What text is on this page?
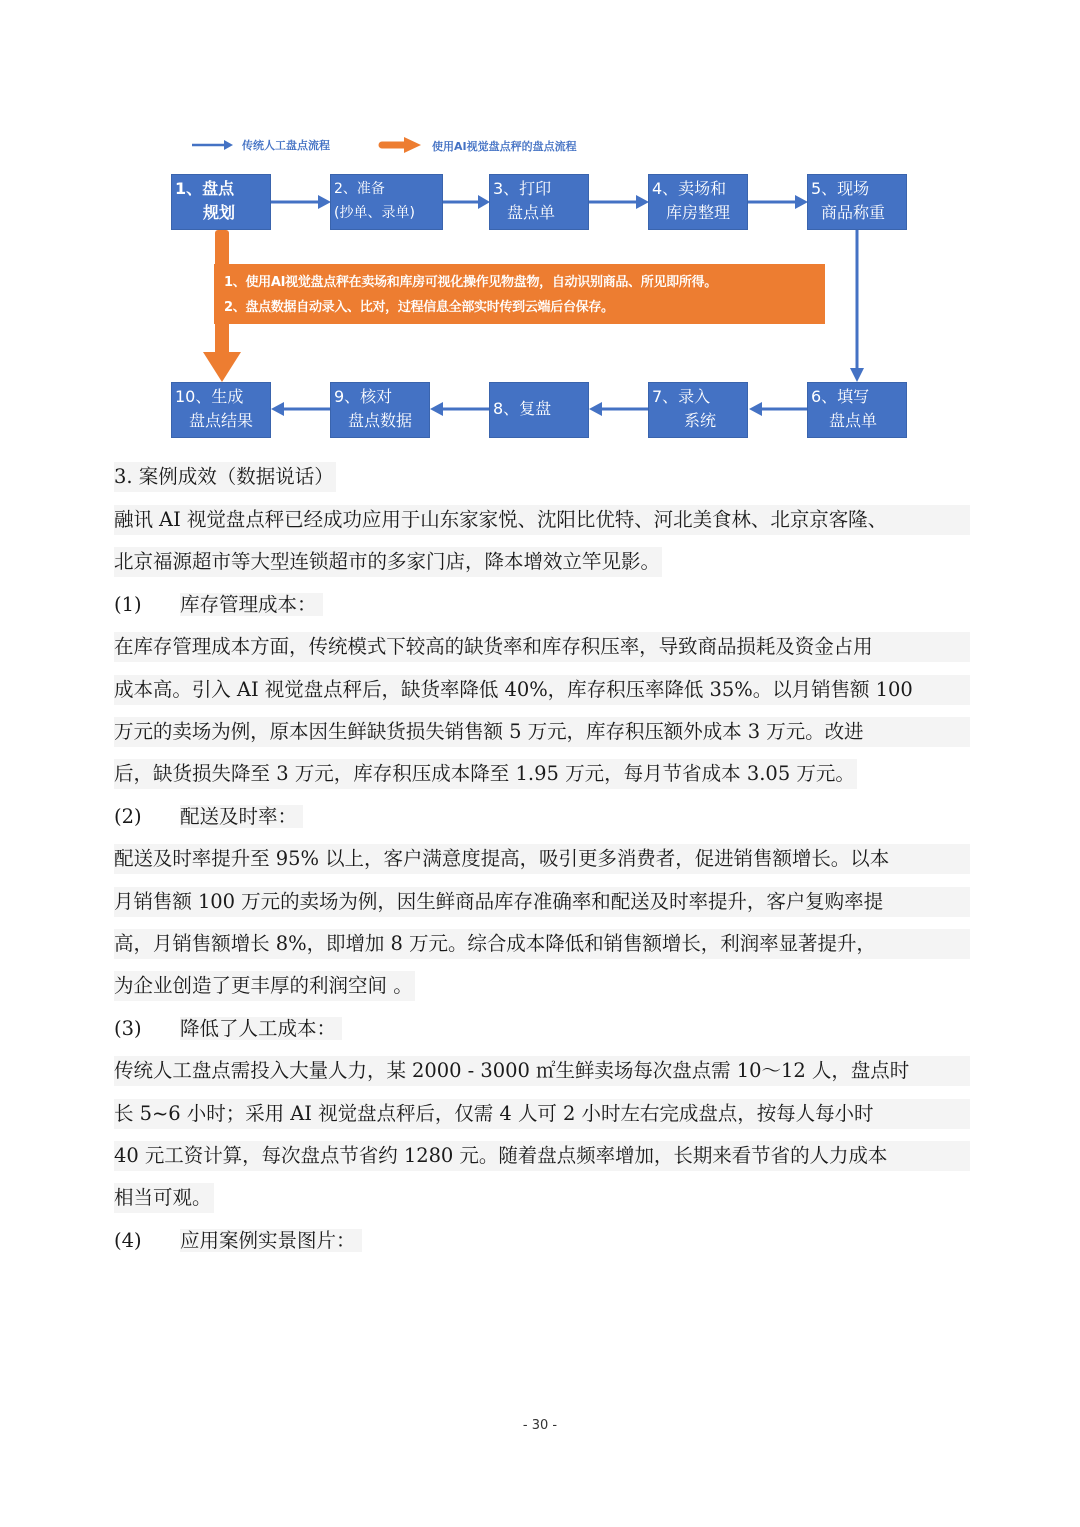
传统人工盘点流程	使用AI视觉盘点秤的盘点流程
1、盘点
规划
2、准备
(抄单、录单)
3、打印
盘点单
4、卖场和
库房整理
5、现场
商品称重
1、使用AI视觉盘点秤在卖场和库房可视化操作见物盘物，自动识别商品、所见即所得。
2、盘点数据自动录入、比对，过程信息全部实时传到云端后台保存。
6、填写
盘点单
7、录入
系统
8、复盘
9、核对
盘点数据
10、生成
盘点结果
3. 案例成效（数据说话）
融讯 AI 视觉盘点秤已经成功应用于山东家家悦、沈阳比优特、河北美食林、北京京客隆、
北京福源超市等大型连锁超市的多家门店，降本增效立竿见影。
(1) 库存管理成本：
在库存管理成本方面，传统模式下较高的缺货率和库存积压率，导致商品损耗及资金占用
成本高。引入 AI 视觉盘点秤后，缺货率降低 40%，库存积压率降低 35%。以月销售额 100
万元的卖场为例，原本因生鲜缺货损失销售额 5 万元，库存积压额外成本 3 万元。改进
后，缺货损失降至 3 万元，库存积压成本降至 1.95 万元，每月节省成本 3.05 万元。
(2) 配送及时率：
配送及时率提升至 95% 以上，客户满意度提高，吸引更多消费者，促进销售额增长。以本
月销售额 100 万元的卖场为例，因生鲜商品库存准确率和配送及时率提升，客户复购率提
高，月销售额增长 8%，即增加 8 万元。综合成本降低和销售额增长，利润率显著提升，
为企业创造了更丰厚的利润空间 。
(3) 降低了人工成本：
传统人工盘点需投入大量人力，某 2000 - 3000 ㎡生鲜卖场每次盘点需 10～12 人，盘点时
长 5~6 小时；采用 AI 视觉盘点秤后，仅需 4 人可 2 小时左右完成盘点，按每人每小时
40 元工资计算，每次盘点节省约 1280 元。随着盘点频率增加，长期来看节省的人力成本
相当可观。
(4) 应用案例实景图片：
- 30 -
